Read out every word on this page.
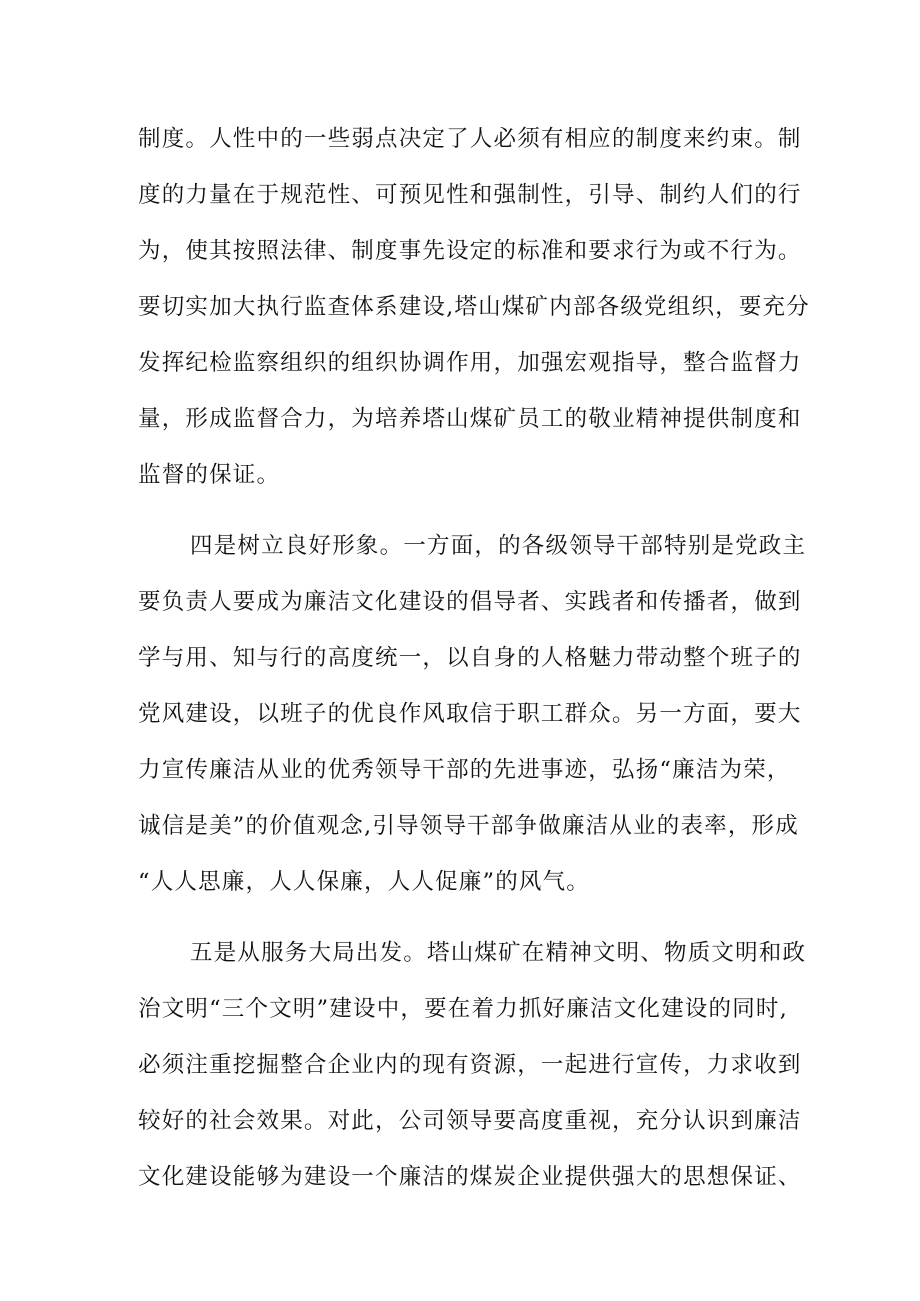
制度。人性中的一些弱点决定了人必须有相应的制度来约束。制
度的力量在于规范性、可预见性和强制性，引导、制约人们的行
为，使其按照法律、制度事先设定的标准和要求行为或不行为。
要切实加大执行监查体系建设,塔山煤矿内部各级党组织，要充分
发挥纪检监察组织的组织协调作用，加强宏观指导，整合监督力
量，形成监督合力，为培养塔山煤矿员工的敬业精神提供制度和
监督的保证。
四是树立良好形象。一方面，的各级领导干部特别是党政主
要负责人要成为廉洁文化建设的倡导者、实践者和传播者，做到
学与用、知与行的高度统一，以自身的人格魅力带动整个班子的
党风建设，以班子的优良作风取信于职工群众。另一方面，要大
力宣传廉洁从业的优秀领导干部的先进事迹，弘扬“廉洁为荣，
诚信是美”的价值观念,引导领导干部争做廉洁从业的表率，形成
“人人思廉，人人保廉，人人促廉”的风气。
五是从服务大局出发。塔山煤矿在精神文明、物质文明和政
治文明“三个文明”建设中，要在着力抓好廉洁文化建设的同时,
必须注重挖掘整合企业内的现有资源，一起进行宣传，力求收到
较好的社会效果。对此，公司领导要高度重视，充分认识到廉洁
文化建设能够为建设一个廉洁的煤炭企业提供强大的思想保证、
